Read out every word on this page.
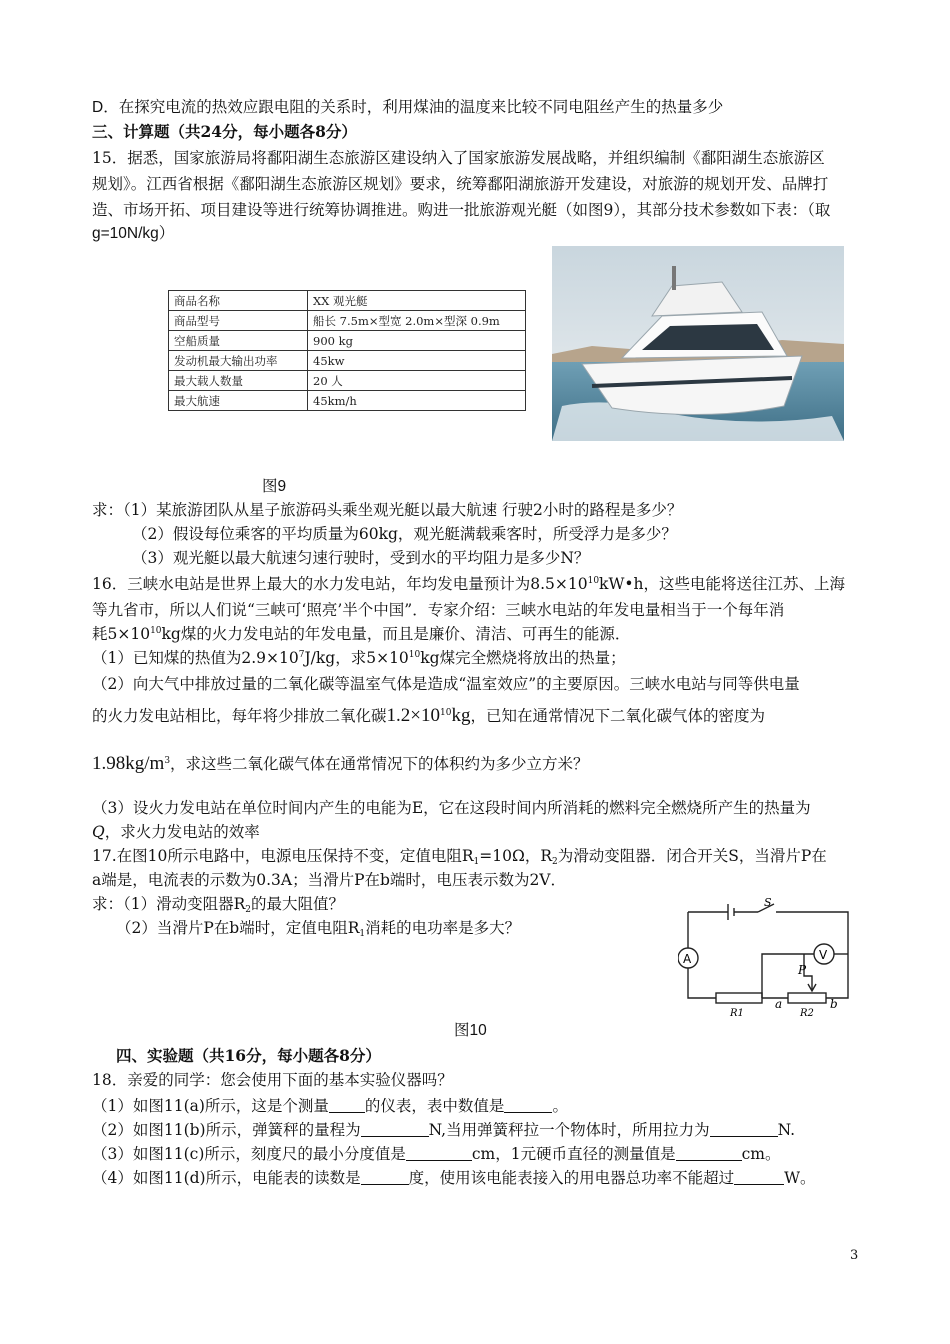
D．在探究电流的热效应跟电阻的关系时，利用煤油的温度来比较不同电阻丝产生的热量多少
三、计算题（共24分，每小题各8分）
15．据悉，国家旅游局将鄱阳湖生态旅游区建设纳入了国家旅游发展战略，并组织编制《鄱阳湖生态旅游区
规划》。江西省根据《鄱阳湖生态旅游区规划》要求，统筹鄱阳湖旅游开发建设，对旅游的规划开发、品牌打
造、市场开拓、项目建设等进行统筹协调推进。购进一批旅游观光艇（如图9），其部分技术参数如下表：（取
g=10N/kg）
商品名称	XX 观光艇
商品型号	船长 7.5m×型宽 2.0m×型深 0.9m
空船质量	900 kg
发动机最大输出功率	45kw
最大载人数量	20 人
最大航速	45km/h
图9
求：（1）某旅游团队从星子旅游码头乘坐观光艇以最大航速 行驶2小时的路程是多少？
（2）假设每位乘客的平均质量为60kg，观光艇满载乘客时，所受浮力是多少？
（3）观光艇以最大航速匀速行驶时，受到水的平均阻力是多少N？
16．三峡水电站是世界上最大的水力发电站，年均发电量预计为$8.5\times 10^{10}kW•h$，这些电能将送往江苏、上海
等九省市，所以人们说“三峡可‘照亮’半个中国”．专家介绍：三峡水电站的年发电量相当于一个每年消
耗$5\times 10^{10}kg$煤的火力发电站的年发电量，而且是廉价、清洁、可再生的能源．
（1）已知煤的热值为$2.9\times 10^7J/kg$，求$5\times 10^{10}kg$煤完全燃烧将放出的热量；
（2）向大气中排放过量的二氧化碳等温室气体是造成“温室效应”的主要原因。三峡水电站与同等供电量
的火力发电站相比，每年将少排放二氧化碳$1.2\times 10^{10}kg$，已知在通常情况下二氧化碳气体的密度为
$1.98kg/m^3$，求这些二氧化碳气体在通常情况下的体积约为多少立方米？
（3）设火力发电站在单位时间内产生的电能为E，它在这段时间内所消耗的燃料完全燃烧所产生的热量为
Q，求火力发电站的效率
17.在图10所示电路中，电源电压保持不变，定值电阻$R_1=10\Omega$，$R_2$为滑动变阻器．闭合开关S，当滑片P在
a端是，电流表的示数为0.3A；当滑片P在b端时，电压表示数为2V．
求：（1）滑动变阻器$R_2$的最大阻值？
（2）当滑片P在b端时，定值电阻$R_1$消耗的电功率是多大？
A	V
S
P
R1	R2
a	b
图10
四、实验题（共16分，每小题各8分）
18．亲爱的同学：您会使用下面的基本实验仪器吗？
（1）如图11(a)所示，这是个测量 的仪表，表中数值是	。
（2）如图11(b)所示，弹簧秤的量程为	N,当用弹簧秤拉一个物体时，所用拉力为	N.
（3）如图11(c)所示，刻度尺的最小分度值是	cm，1元硬币直径的测量值是	cm。
（4）如图11(d)所示，电能表的读数是	度，使用该电能表接入的用电器总功率不能超过	W。
3
